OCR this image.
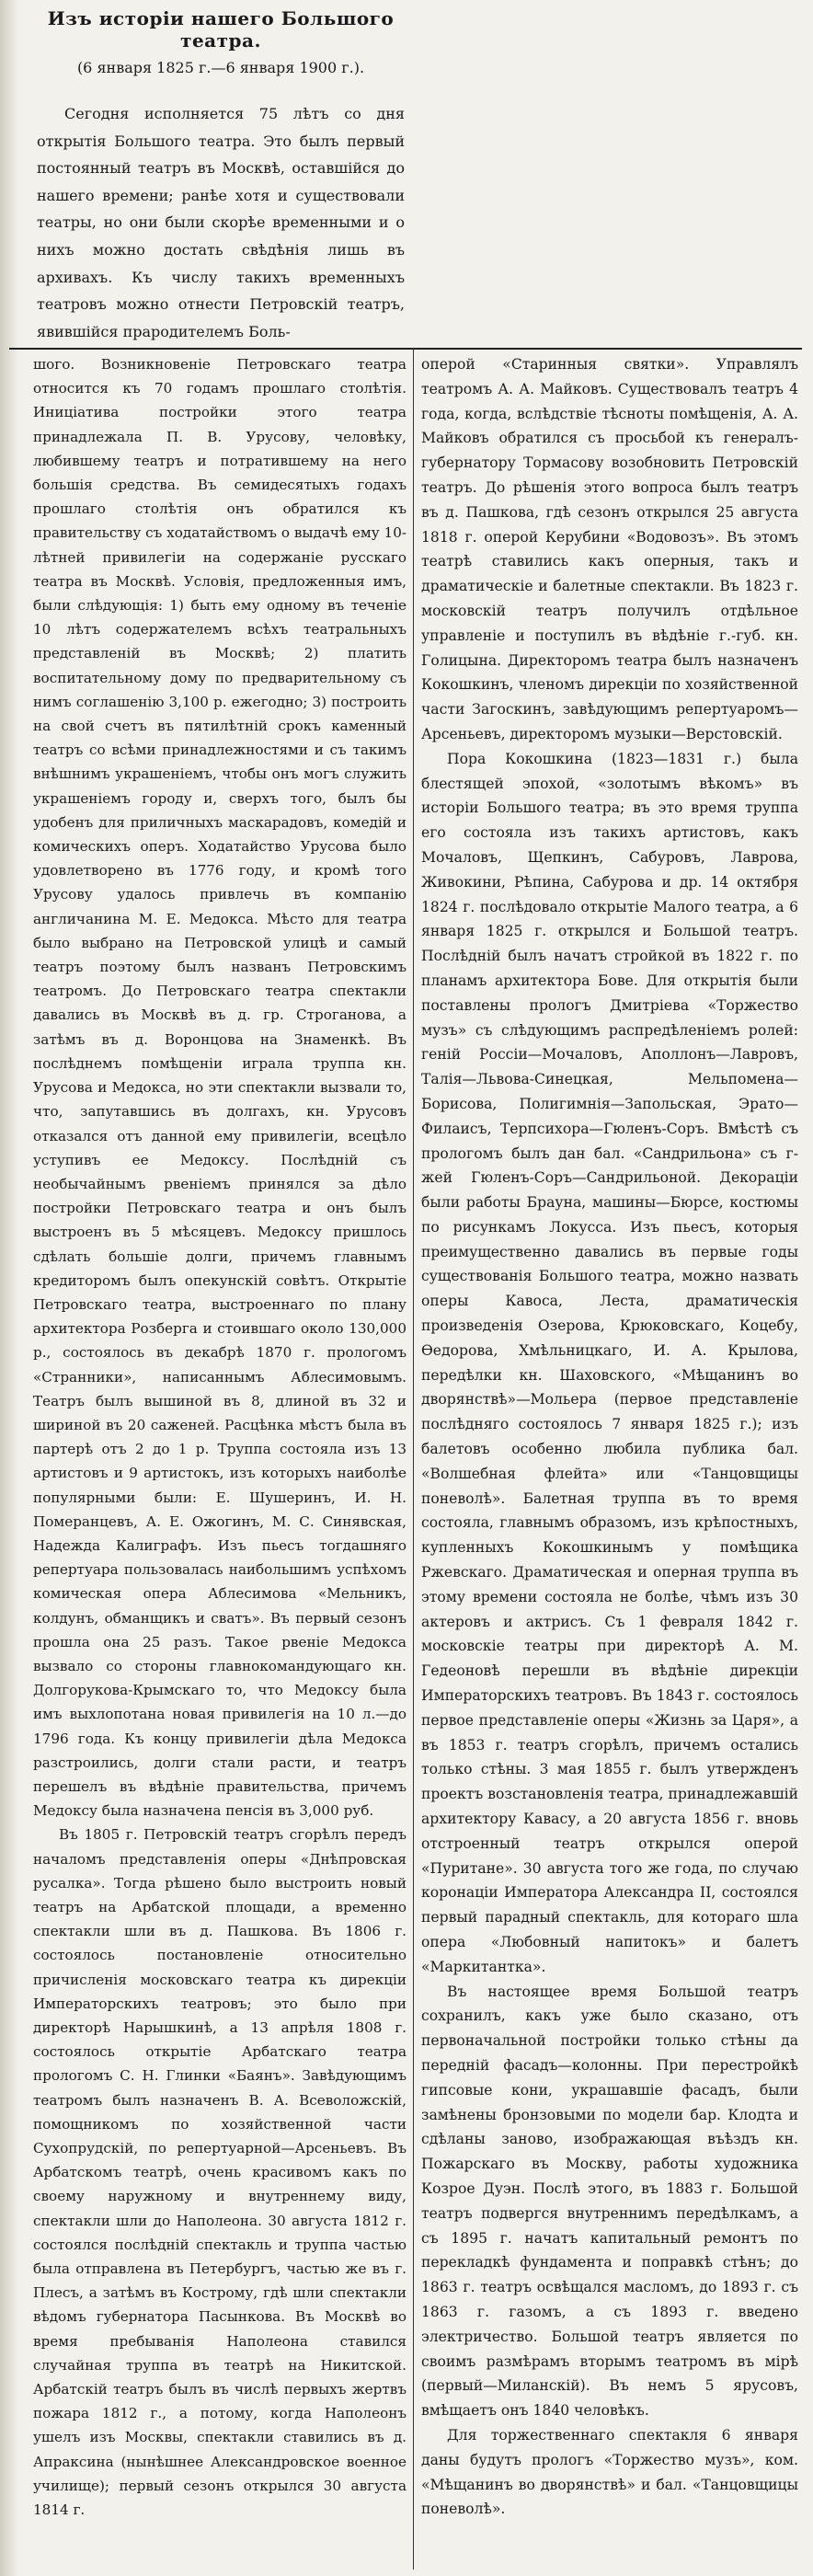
Изъ исторіи нашего Большого театра.
(6 января 1825 г.—6 января 1900 г.).

Сегодня исполняется 75 лѣтъ со дня открытія Большого театра. Это былъ первый постоянный театръ въ Москвѣ, оставшійся до нашего времени; ранѣе хотя и существовали театры, но они были скорѣе временными и о нихъ можно достать свѣдѣнія лишь въ архивахъ. Къ числу такихъ временныхъ театровъ можно отнести Петровскій театръ, явившійся прародителемъ Боль-

шого. Возникновеніе Петровскаго театра относится къ 70 годамъ прошлаго столѣтія. Иниціатива постройки этого театра принадлежала П. В. Урусову, человѣку, любившему театръ и потратившему на него большія средства. Въ семидесятыхъ годахъ прошлаго столѣтія онъ обратился къ правительству съ ходатайствомъ о выдачѣ ему 10-лѣтней привилегіи на содержаніе русскаго театра въ Москвѣ. Условія, предложенныя имъ, были слѣдующія: 1) быть ему одному въ теченіе 10 лѣтъ содержателемъ всѣхъ театральныхъ представленій въ Москвѣ; 2) платить воспитательному дому по предварительному съ нимъ соглашенію 3,100 р. ежегодно; 3) построить на свой счетъ въ пятилѣтній срокъ каменный театръ со всѣми принадлежностями и съ такимъ внѣшнимъ украшеніемъ, чтобы онъ могъ служить украшеніемъ городу и, сверхъ того, былъ бы удобенъ для приличныхъ маскарадовъ, комедій и комическихъ оперъ. Ходатайство Урусова было удовлетворено въ 1776 году, и кромѣ того Урусову удалось привлечь въ компанію англичанина М. Е. Медокса. Мѣсто для театра было выбрано на Петровской улицѣ и самый театръ поэтому былъ названъ Петровскимъ театромъ. До Петровскаго театра спектакли давались въ Москвѣ въ д. гр. Строганова, а затѣмъ въ д. Воронцова на Знаменкѣ. Въ послѣднемъ помѣщеніи играла труппа кн. Урусова и Медокса, но эти спектакли вызвали то, что, запутавшись въ долгахъ, кн. Урусовъ отказался отъ данной ему привилегіи, всецѣло уступивъ ее Медоксу. Послѣдній съ необычайнымъ рвеніемъ принялся за дѣло постройки Петровскаго театра и онъ былъ выстроенъ въ 5 мѣсяцевъ. Медоксу пришлось сдѣлать большіе долги, причемъ главнымъ кредиторомъ былъ опекунскій совѣтъ. Открытіе Петровскаго театра, выстроеннаго по плану архитектора Розберга и стоившаго около 130,000 р., состоялось въ декабрѣ 1870 г. прологомъ «Странники», написаннымъ Аблесимовымъ. Театръ былъ вышиной въ 8, длиной въ 32 и шириной въ 20 саженей. Расцѣнка мѣстъ была въ партерѣ отъ 2 до 1 р. Труппа состояла изъ 13 артистовъ и 9 артистокъ, изъ которыхъ наиболѣе популярными были: Е. Шушеринъ, И. Н. Померанцевъ, А. Е. Ожогинъ, М. С. Синявская, Надежда Калиграфъ. Изъ пьесъ тогдашняго репертуара пользовалась наибольшимъ успѣхомъ комическая опера Аблесимова «Мельникъ, колдунъ, обманщикъ и сватъ». Въ первый сезонъ прошла она 25 разъ. Такое рвеніе Медокса вызвало со стороны главнокомандующаго кн. Долгорукова-Крымскаго то, что Медоксу была имъ выхлопотана новая привилегія на 10 л.—до 1796 года. Къ концу привилегіи дѣла Медокса разстроились, долги стали расти, и театръ перешелъ въ вѣдѣніе правительства, причемъ Медоксу была назначена пенсія въ 3,000 руб.

Въ 1805 г. Петровскій театръ сгорѣлъ передъ началомъ представленія оперы «Днѣпровская русалка». Тогда рѣшено было выстроить новый театръ на Арбатской площади, а временно спектакли шли въ д. Пашкова. Въ 1806 г. состоялось постановленіе относительно причисленія московскаго театра къ дирекціи Императорскихъ театровъ; это было при директорѣ Нарышкинѣ, а 13 апрѣля 1808 г. состоялось открытіе Арбатскаго театра прологомъ С. Н. Глинки «Баянъ». Завѣдующимъ театромъ былъ назначенъ В. А. Всеволожскій, помощникомъ по хозяйственной части Сухопрудскій, по репертуарной—Арсеньевъ. Въ Арбатскомъ театрѣ, очень красивомъ какъ по своему наружному и внутреннему виду, спектакли шли до Наполеона. 30 августа 1812 г. состоялся послѣдній спектакль и труппа частью была отправлена въ Петербургъ, частью же въ г. Плесъ, а затѣмъ въ Кострому, гдѣ шли спектакли вѣдомъ губернатора Пасынкова. Въ Москвѣ во время пребыванія Наполеона ставился случайная труппа въ театрѣ на Никитской. Арбатскій театръ былъ въ числѣ первыхъ жертвъ пожара 1812 г., а потому, когда Наполеонъ ушелъ изъ Москвы, спектакли ставились въ д. Апраксина (нынѣшнее Александровское военное училище); первый сезонъ открылся 30 августа 1814 г.

оперой «Старинныя святки». Управлялъ театромъ А. А. Майковъ. Существовалъ театръ 4 года, когда, вслѣдствіе тѣсноты помѣщенія, А. А. Майковъ обратился съ просьбой къ генералъ-губернатору Тормасову возобновить Петровскій театръ. До рѣшенія этого вопроса былъ театръ въ д. Пашкова, гдѣ сезонъ открылся 25 августа 1818 г. оперой Керубини «Водовозъ». Въ этомъ театрѣ ставились какъ оперныя, такъ и драматическіе и балетные спектакли. Въ 1823 г. московскій театръ получилъ отдѣльное управленіе и поступилъ въ вѣдѣніе г.-губ. кн. Голицына. Директоромъ театра былъ назначенъ Кокошкинъ, членомъ дирекціи по хозяйственной части Загоскинъ, завѣдующимъ репертуаромъ—Арсеньевъ, директоромъ музыки—Верстовскій.

Пора Кокошкина (1823—1831 г.) была блестящей эпохой, «золотымъ вѣкомъ» въ исторіи Большого театра; въ это время труппа его состояла изъ такихъ артистовъ, какъ Мочаловъ, Щепкинъ, Сабуровъ, Лаврова, Живокини, Рѣпина, Сабурова и др. 14 октября 1824 г. послѣдовало открытіе Малого театра, а 6 января 1825 г. открылся и Большой театръ. Послѣдній былъ начатъ стройкой въ 1822 г. по планамъ архитектора Бове. Для открытія были поставлены прологъ Дмитріева «Торжество музъ» съ слѣдующимъ распредѣленіемъ ролей: геній Россіи—Мочаловъ, Аполлонъ—Лавровъ, Талія—Львова-Синецкая, Мельпомена—Борисова, Полигимнія—Запольская, Эрато—Филаисъ, Терпсихора—Гюленъ-Соръ. Вмѣстѣ съ прологомъ былъ дан бал. «Сандрильона» съ г-жей Гюленъ-Соръ—Сандрильоной. Декораціи были работы Брауна, машины—Бюрсе, костюмы по рисункамъ Локусса. Изъ пьесъ, которыя преимущественно давались въ первые годы существованія Большого театра, можно назвать оперы Кавоса, Леста, драматическія произведенія Озерова, Крюковскаго, Коцебу, Ѳедорова, Хмѣльницкаго, И. А. Крылова, передѣлки кн. Шаховского, «Мѣщанинъ во дворянствѣ»—Мольера (первое представленіе послѣдняго состоялось 7 января 1825 г.); изъ балетовъ особенно любила публика бал. «Волшебная флейта» или «Танцовщицы поневолѣ». Балетная труппа въ то время состояла, главнымъ образомъ, изъ крѣпостныхъ, купленныхъ Кокошкинымъ у помѣщика Ржевскаго. Драматическая и оперная труппа въ этому времени состояла не болѣе, чѣмъ изъ 30 актеровъ и актрисъ. Съ 1 февраля 1842 г. московскіе театры при директорѣ А. М. Гедеоновѣ перешли въ вѣдѣніе дирекціи Императорскихъ театровъ. Въ 1843 г. состоялось первое представленіе оперы «Жизнь за Царя», а въ 1853 г. театръ сгорѣлъ, причемъ остались только стѣны. 3 мая 1855 г. былъ утвержденъ проектъ возстановленія театра, принадлежавшій архитектору Кавасу, а 20 августа 1856 г. вновь отстроенный театръ открылся оперой «Пуритане». 30 августа того же года, по случаю коронаціи Императора Александра II, состоялся первый парадный спектакль, для котораго шла опера «Любовный напитокъ» и балетъ «Маркитантка».

Въ настоящее время Большой театръ сохранилъ, какъ уже было сказано, отъ первоначальной постройки только стѣны да передній фасадъ—колонны. При перестройкѣ гипсовые кони, украшавшіе фасадъ, были замѣнены бронзовыми по модели бар. Клодта и сдѣланы заново, изображающая въѣздъ кн. Пожарскаго въ Москву, работы художника Козрое Дуэн. Послѣ этого, въ 1883 г. Большой театръ подвергся внутреннимъ передѣлкамъ, а съ 1895 г. начатъ капитальный ремонтъ по перекладкѣ фундамента и поправкѣ стѣнъ; до 1863 г. театръ освѣщался масломъ, до 1893 г. съ 1863 г. газомъ, а съ 1893 г. введено электричество. Большой театръ является по своимъ размѣрамъ вторымъ театромъ въ мірѣ (первый—Миланскій). Въ немъ 5 ярусовъ, вмѣщаетъ онъ 1840 человѣкъ.

Для торжественнаго спектакля 6 января даны будутъ прологъ «Торжество музъ», ком. «Мѣщанинъ во дворянствѣ» и бал. «Танцовщицы поневолѣ».
